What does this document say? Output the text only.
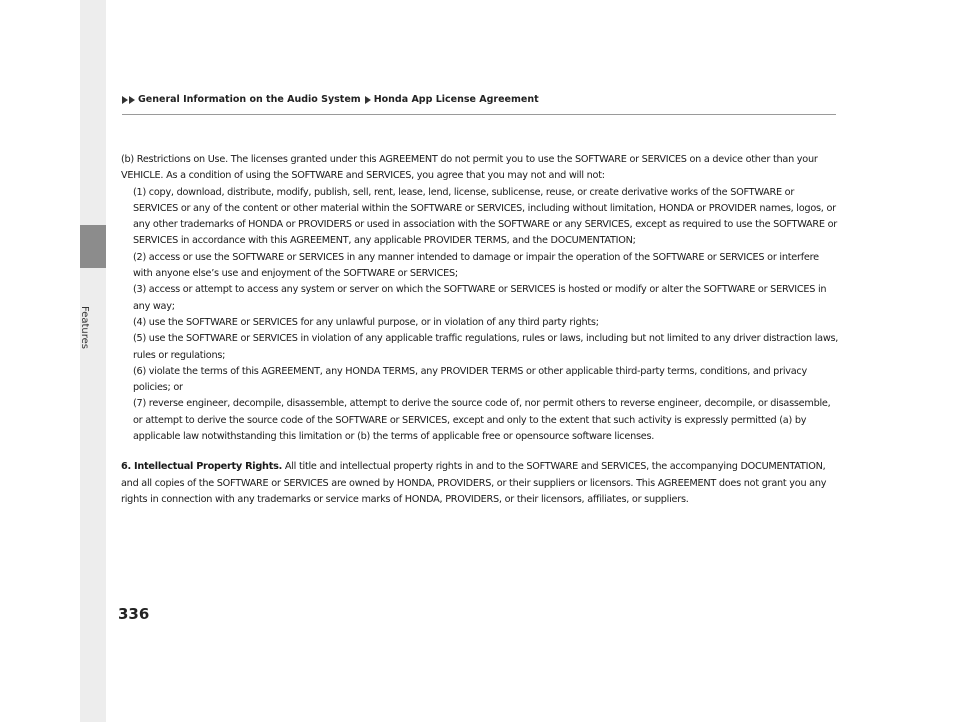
Features
General Information on the Audio System Honda App License Agreement

(b) Restrictions on Use. The licenses granted under this AGREEMENT do not permit you to use the SOFTWARE or SERVICES on a device other than your VEHICLE. As a condition of using the SOFTWARE and SERVICES, you agree that you may not and will not:

(1) copy, download, distribute, modify, publish, sell, rent, lease, lend, license, sublicense, reuse, or create derivative works of the SOFTWARE or SERVICES or any of the content or other material within the SOFTWARE or SERVICES, including without limitation, HONDA or PROVIDER names, logos, or any other trademarks of HONDA or PROVIDERS or used in association with the SOFTWARE or any SERVICES, except as required to use the SOFTWARE or SERVICES in accordance with this AGREEMENT, any applicable PROVIDER TERMS, and the DOCUMENTATION;

(2) access or use the SOFTWARE or SERVICES in any manner intended to damage or impair the operation of the SOFTWARE or SERVICES or interfere with anyone else’s use and enjoyment of the SOFTWARE or SERVICES;

(3) access or attempt to access any system or server on which the SOFTWARE or SERVICES is hosted or modify or alter the SOFTWARE or SERVICES in any way;

(4) use the SOFTWARE or SERVICES for any unlawful purpose, or in violation of any third party rights;

(5) use the SOFTWARE or SERVICES in violation of any applicable traffic regulations, rules or laws, including but not limited to any driver distraction laws, rules or regulations;

(6) violate the terms of this AGREEMENT, any HONDA TERMS, any PROVIDER TERMS or other applicable third-party terms, conditions, and privacy policies; or

(7) reverse engineer, decompile, disassemble, attempt to derive the source code of, nor permit others to reverse engineer, decompile, or disassemble, or attempt to derive the source code of the SOFTWARE or SERVICES, except and only to the extent that such activity is expressly permitted (a) by applicable law notwithstanding this limitation or (b) the terms of applicable free or opensource software licenses.

6. Intellectual Property Rights. All title and intellectual property rights in and to the SOFTWARE and SERVICES, the accompanying DOCUMENTATION, and all copies of the SOFTWARE or SERVICES are owned by HONDA, PROVIDERS, or their suppliers or licensors. This AGREEMENT does not grant you any rights in connection with any trademarks or service marks of HONDA, PROVIDERS, or their licensors, affiliates, or suppliers.

336
